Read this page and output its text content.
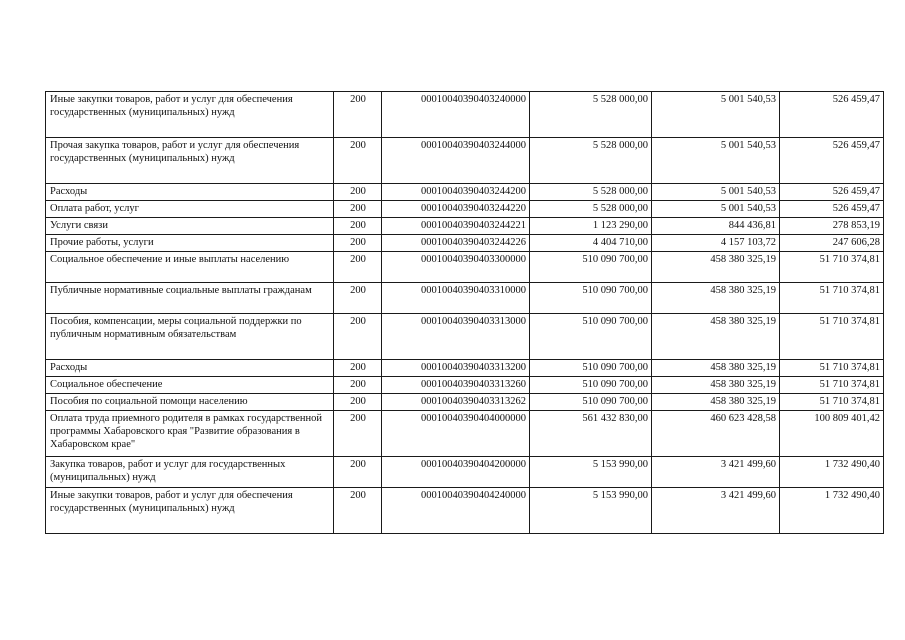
Иные закупки товаров, работ и услуг для обеспечения государственных (муниципальных) нужд	200	00010040390403240000	5 528 000,00	5 001 540,53	526 459,47
Прочая закупка товаров, работ и услуг для обеспечения государственных (муниципальных) нужд	200	00010040390403244000	5 528 000,00	5 001 540,53	526 459,47
Расходы	200	00010040390403244200	5 528 000,00	5 001 540,53	526 459,47
Оплата работ, услуг	200	00010040390403244220	5 528 000,00	5 001 540,53	526 459,47
Услуги связи	200	00010040390403244221	1 123 290,00	844 436,81	278 853,19
Прочие работы, услуги	200	00010040390403244226	4 404 710,00	4 157 103,72	247 606,28
Социальное обеспечение и иные выплаты населению	200	00010040390403300000	510 090 700,00	458 380 325,19	51 710 374,81
Публичные нормативные социальные выплаты гражданам	200	00010040390403310000	510 090 700,00	458 380 325,19	51 710 374,81
Пособия, компенсации, меры социальной поддержки по публичным нормативным обязательствам	200	00010040390403313000	510 090 700,00	458 380 325,19	51 710 374,81
Расходы	200	00010040390403313200	510 090 700,00	458 380 325,19	51 710 374,81
Социальное обеспечение	200	00010040390403313260	510 090 700,00	458 380 325,19	51 710 374,81
Пособия по социальной помощи населению	200	00010040390403313262	510 090 700,00	458 380 325,19	51 710 374,81
Оплата труда приемного родителя в рамках государственной программы Хабаровского края "Развитие образования в Хабаровском крае"	200	00010040390404000000	561 432 830,00	460 623 428,58	100 809 401,42
Закупка товаров, работ и услуг для государственных (муниципальных) нужд	200	00010040390404200000	5 153 990,00	3 421 499,60	1 732 490,40
Иные закупки товаров, работ и услуг для обеспечения государственных (муниципальных) нужд	200	00010040390404240000	5 153 990,00	3 421 499,60	1 732 490,40
